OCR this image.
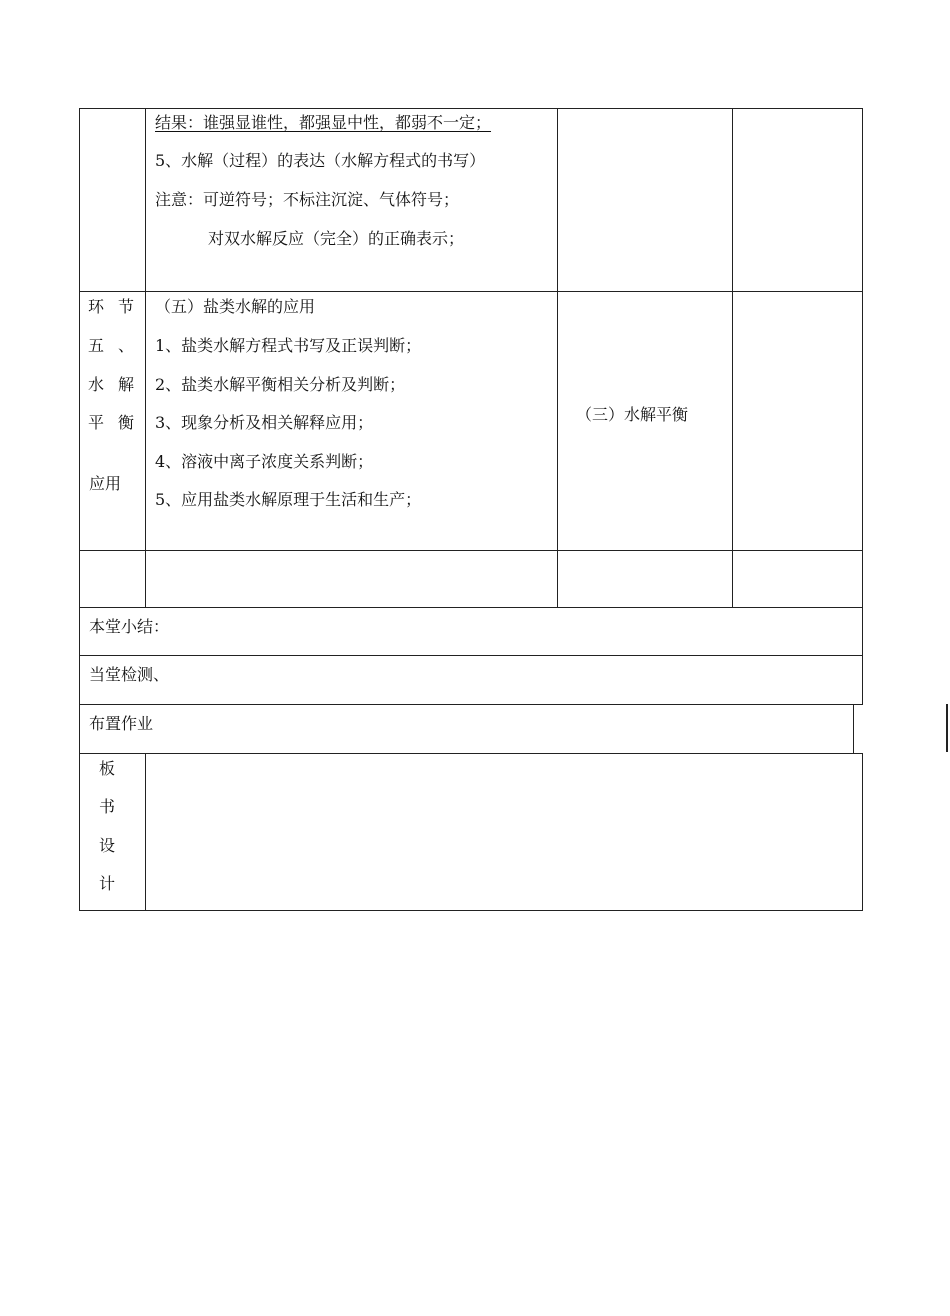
结果：谁强显谁性，都强显中性，都弱不一定；
5、水解（过程）的表达（水解方程式的书写）
注意：可逆符号；不标注沉淀、气体符号；
对双水解反应（完全）的正确表示；
环 节
五 、
水 解
平 衡
应用
（五）盐类水解的应用
1、盐类水解方程式书写及正误判断；
2、盐类水解平衡相关分析及判断；
3、现象分析及相关解释应用；
4、溶液中离子浓度关系判断；
5、应用盐类水解原理于生活和生产；
（三）水解平衡
本堂小结：
当堂检测、
布置作业
板
书
设
计
